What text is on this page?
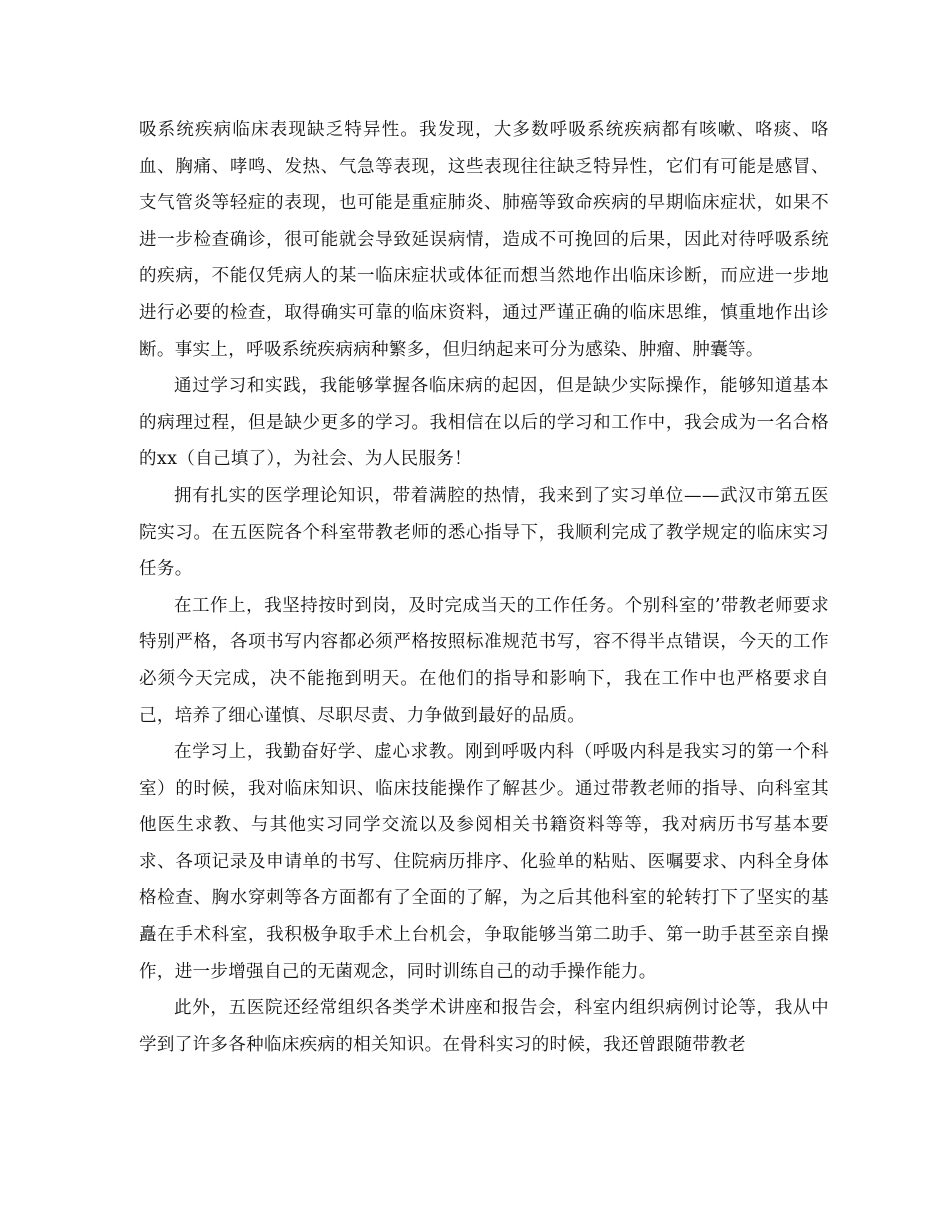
吸系统疾病临床表现缺乏特异性。我发现，大多数呼吸系统疾病都有咳嗽、咯痰、咯血、胸痛、哮鸣、发热、气急等表现，这些表现往往缺乏特异性，它们有可能是感冒、支气管炎等轻症的表现，也可能是重症肺炎、肺癌等致命疾病的早期临床症状，如果不进一步检查确诊，很可能就会导致延误病情，造成不可挽回的后果，因此对待呼吸系统的疾病，不能仅凭病人的某一临床症状或体征而想当然地作出临床诊断，而应进一步地进行必要的检查，取得确实可靠的临床资料，通过严谨正确的临床思维，慎重地作出诊断。事实上，呼吸系统疾病病种繁多，但归纳起来可分为感染、肿瘤、肿囊等。

通过学习和实践，我能够掌握各临床病的起因，但是缺少实际操作，能够知道基本的病理过程，但是缺少更多的学习。我相信在以后的学习和工作中，我会成为一名合格的xx（自己填了），为社会、为人民服务！

拥有扎实的医学理论知识，带着满腔的热情，我来到了实习单位——武汉市第五医院实习。在五医院各个科室带教老师的悉心指导下，我顺利完成了教学规定的临床实习任务。

在工作上，我坚持按时到岗，及时完成当天的工作任务。个别科室的’带教老师要求特别严格，各项书写内容都必须严格按照标准规范书写，容不得半点错误，今天的工作必须今天完成，决不能拖到明天。在他们的指导和影响下，我在工作中也严格要求自己，培养了细心谨慎、尽职尽责、力争做到最好的品质。

在学习上，我勤奋好学、虚心求教。刚到呼吸内科（呼吸内科是我实习的第一个科室）的时候，我对临床知识、临床技能操作了解甚少。通过带教老师的指导、向科室其他医生求教、与其他实习同学交流以及参阅相关书籍资料等等，我对病历书写基本要求、各项记录及申请单的书写、住院病历排序、化验单的粘贴、医嘱要求、内科全身体格检查、胸水穿刺等各方面都有了全面的了解，为之后其他科室的轮转打下了坚实的基矗在手术科室，我积极争取手术上台机会，争取能够当第二助手、第一助手甚至亲自操作，进一步增强自己的无菌观念，同时训练自己的动手操作能力。

此外，五医院还经常组织各类学术讲座和报告会，科室内组织病例讨论等，我从中学到了许多各种临床疾病的相关知识。在骨科实习的时候，我还曾跟随带教老
